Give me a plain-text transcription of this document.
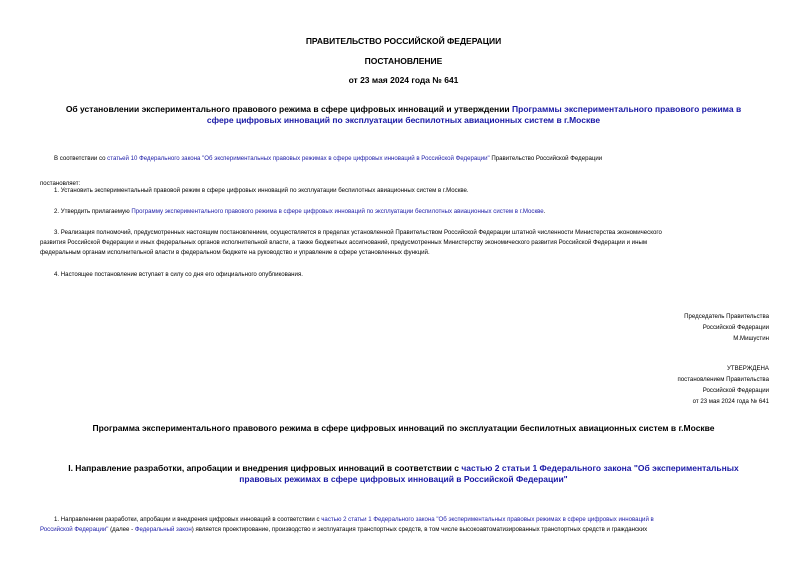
ПРАВИТЕЛЬСТВО РОССИЙСКОЙ ФЕДЕРАЦИИ
ПОСТАНОВЛЕНИЕ
от 23 мая 2024 года № 641
Об установлении экспериментального правового режима в сфере цифровых инноваций и утверждении Программы экспериментального правового режима в
сфере цифровых инноваций по эксплуатации беспилотных авиационных систем в г.Москве
В соответствии со статьей 10 Федерального закона "Об экспериментальных правовых режимах в сфере цифровых инноваций в Российской Федерации" Правительство Российской Федерации
постановляет:
1. Установить экспериментальный правовой режим в сфере цифровых инноваций по эксплуатации беспилотных авиационных систем в г.Москве.
2. Утвердить прилагаемую Программу экспериментального правового режима в сфере цифровых инноваций по эксплуатации беспилотных авиационных систем в г.Москве.
3. Реализация полномочий, предусмотренных настоящим постановлением, осуществляется в пределах установленной Правительством Российской Федерации штатной численности Министерства экономического
развития Российской Федерации и иных федеральных органов исполнительной власти, а также бюджетных ассигнований, предусмотренных Министерству экономического развития Российской Федерации и иным
федеральным органам исполнительной власти в федеральном бюджете на руководство и управление в сфере установленных функций.
4. Настоящее постановление вступает в силу со дня его официального опубликования.
Председатель Правительства
Российской Федерации
М.Мишустин
УТВЕРЖДЕНА
постановлением Правительства
Российской Федерации
от 23 мая 2024 года № 641
Программа экспериментального правового режима в сфере цифровых инноваций по эксплуатации беспилотных авиационных систем в г.Москве
I. Направление разработки, апробации и внедрения цифровых инноваций в соответствии с частью 2 статьи 1 Федерального закона "Об экспериментальных
правовых режимах в сфере цифровых инноваций в Российской Федерации"
1. Направлением разработки, апробации и внедрения цифровых инноваций в соответствии с частью 2 статьи 1 Федерального закона "Об экспериментальных правовых режимах в сфере цифровых инноваций в
Российской Федерации" (далее - Федеральный закон) является проектирование, производство и эксплуатация транспортных средств, в том числе высокоавтоматизированных транспортных средств и гражданских
